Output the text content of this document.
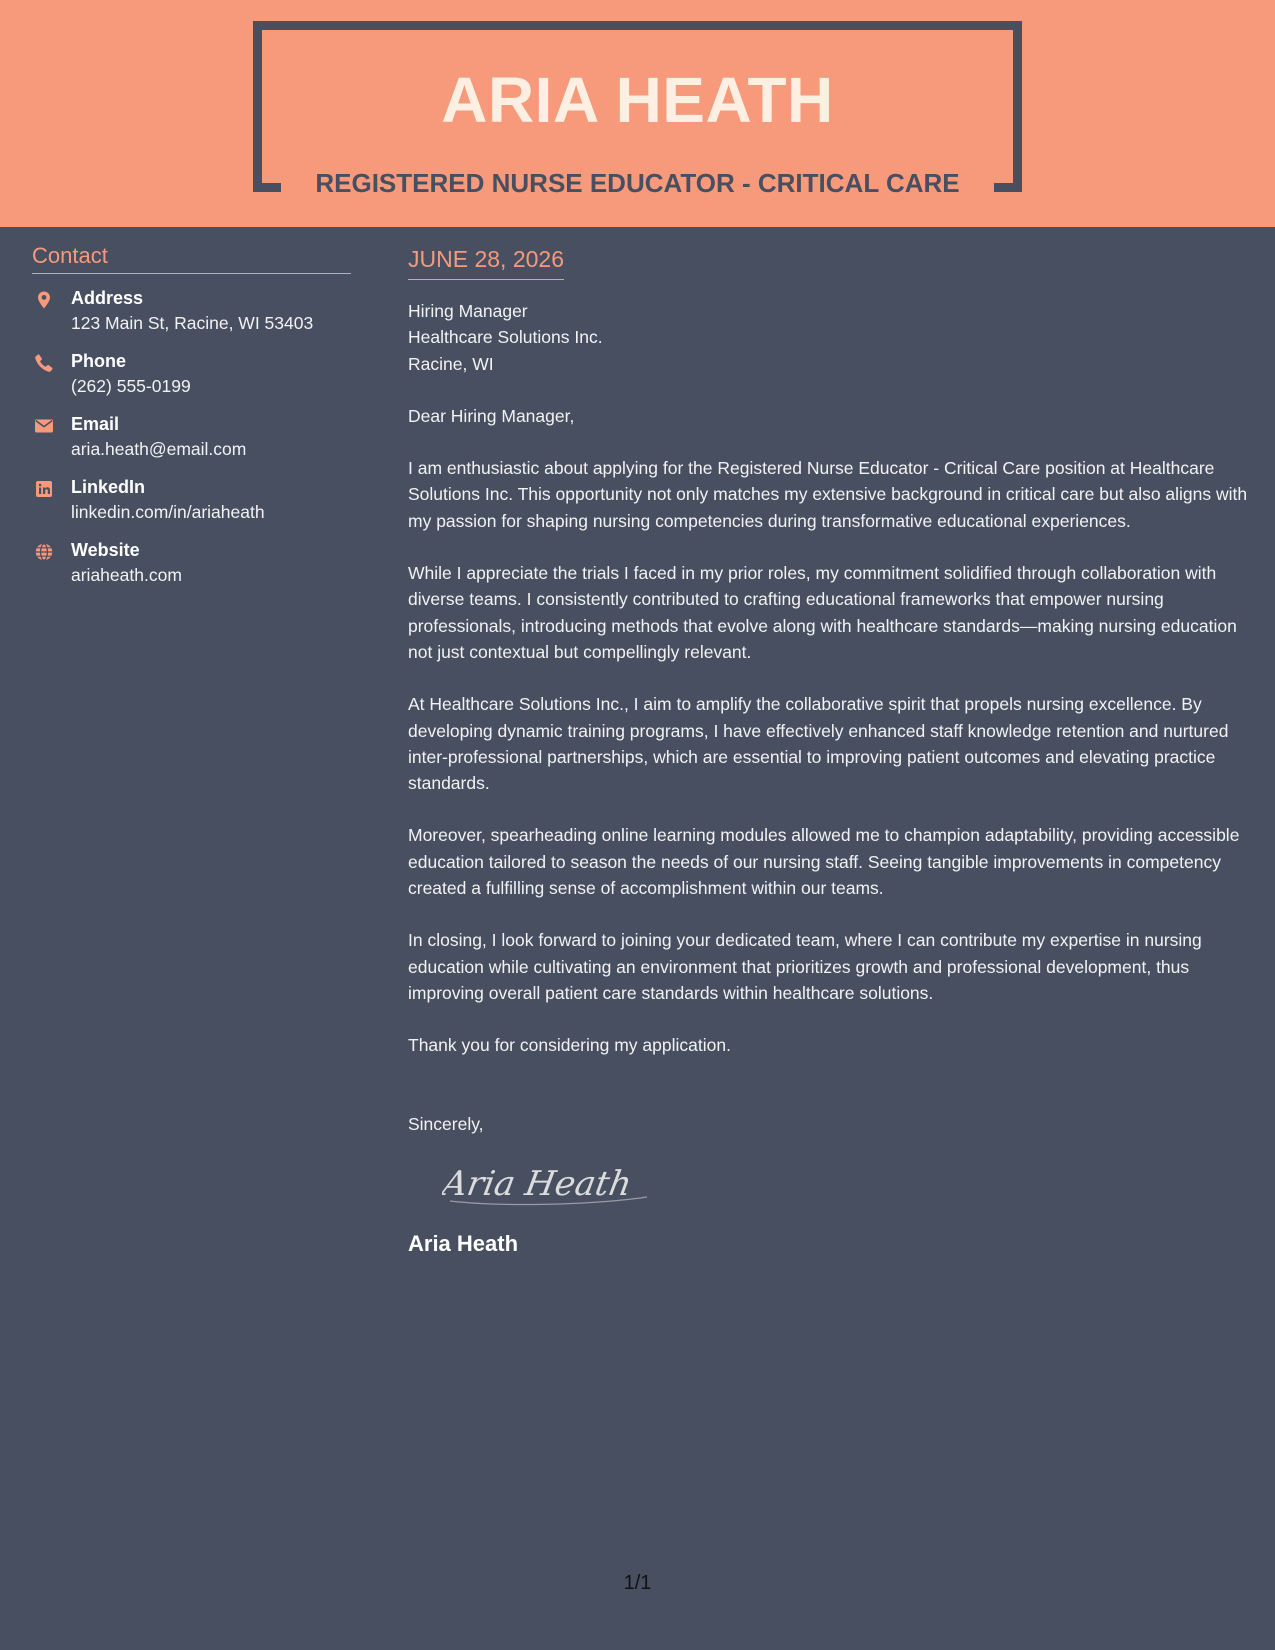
ARIA HEATH
REGISTERED NURSE EDUCATOR - CRITICAL CARE
Contact
Address
123 Main St, Racine, WI 53403
Phone
(262) 555-0199
Email
aria.heath@email.com
LinkedIn
linkedin.com/in/ariaheath
Website
ariaheath.com
JUNE 28, 2026
Hiring Manager
Healthcare Solutions Inc.
Racine, WI
Dear Hiring Manager,

I am enthusiastic about applying for the Registered Nurse Educator - Critical Care position at Healthcare Solutions Inc. This opportunity not only matches my extensive background in critical care but also aligns with my passion for shaping nursing competencies during transformative educational experiences.

While I appreciate the trials I faced in my prior roles, my commitment solidified through collaboration with diverse teams. I consistently contributed to crafting educational frameworks that empower nursing professionals, introducing methods that evolve along with healthcare standards—making nursing education not just contextual but compellingly relevant.

At Healthcare Solutions Inc., I aim to amplify the collaborative spirit that propels nursing excellence. By developing dynamic training programs, I have effectively enhanced staff knowledge retention and nurtured inter-professional partnerships, which are essential to improving patient outcomes and elevating practice standards.

Moreover, spearheading online learning modules allowed me to champion adaptability, providing accessible education tailored to season the needs of our nursing staff. Seeing tangible improvements in competency created a fulfilling sense of accomplishment within our teams.

In closing, I look forward to joining your dedicated team, where I can contribute my expertise in nursing education while cultivating an environment that prioritizes growth and professional development, thus improving overall patient care standards within healthcare solutions.

Thank you for considering my application.

Sincerely,
Aria Heath
Aria Heath
1/1
